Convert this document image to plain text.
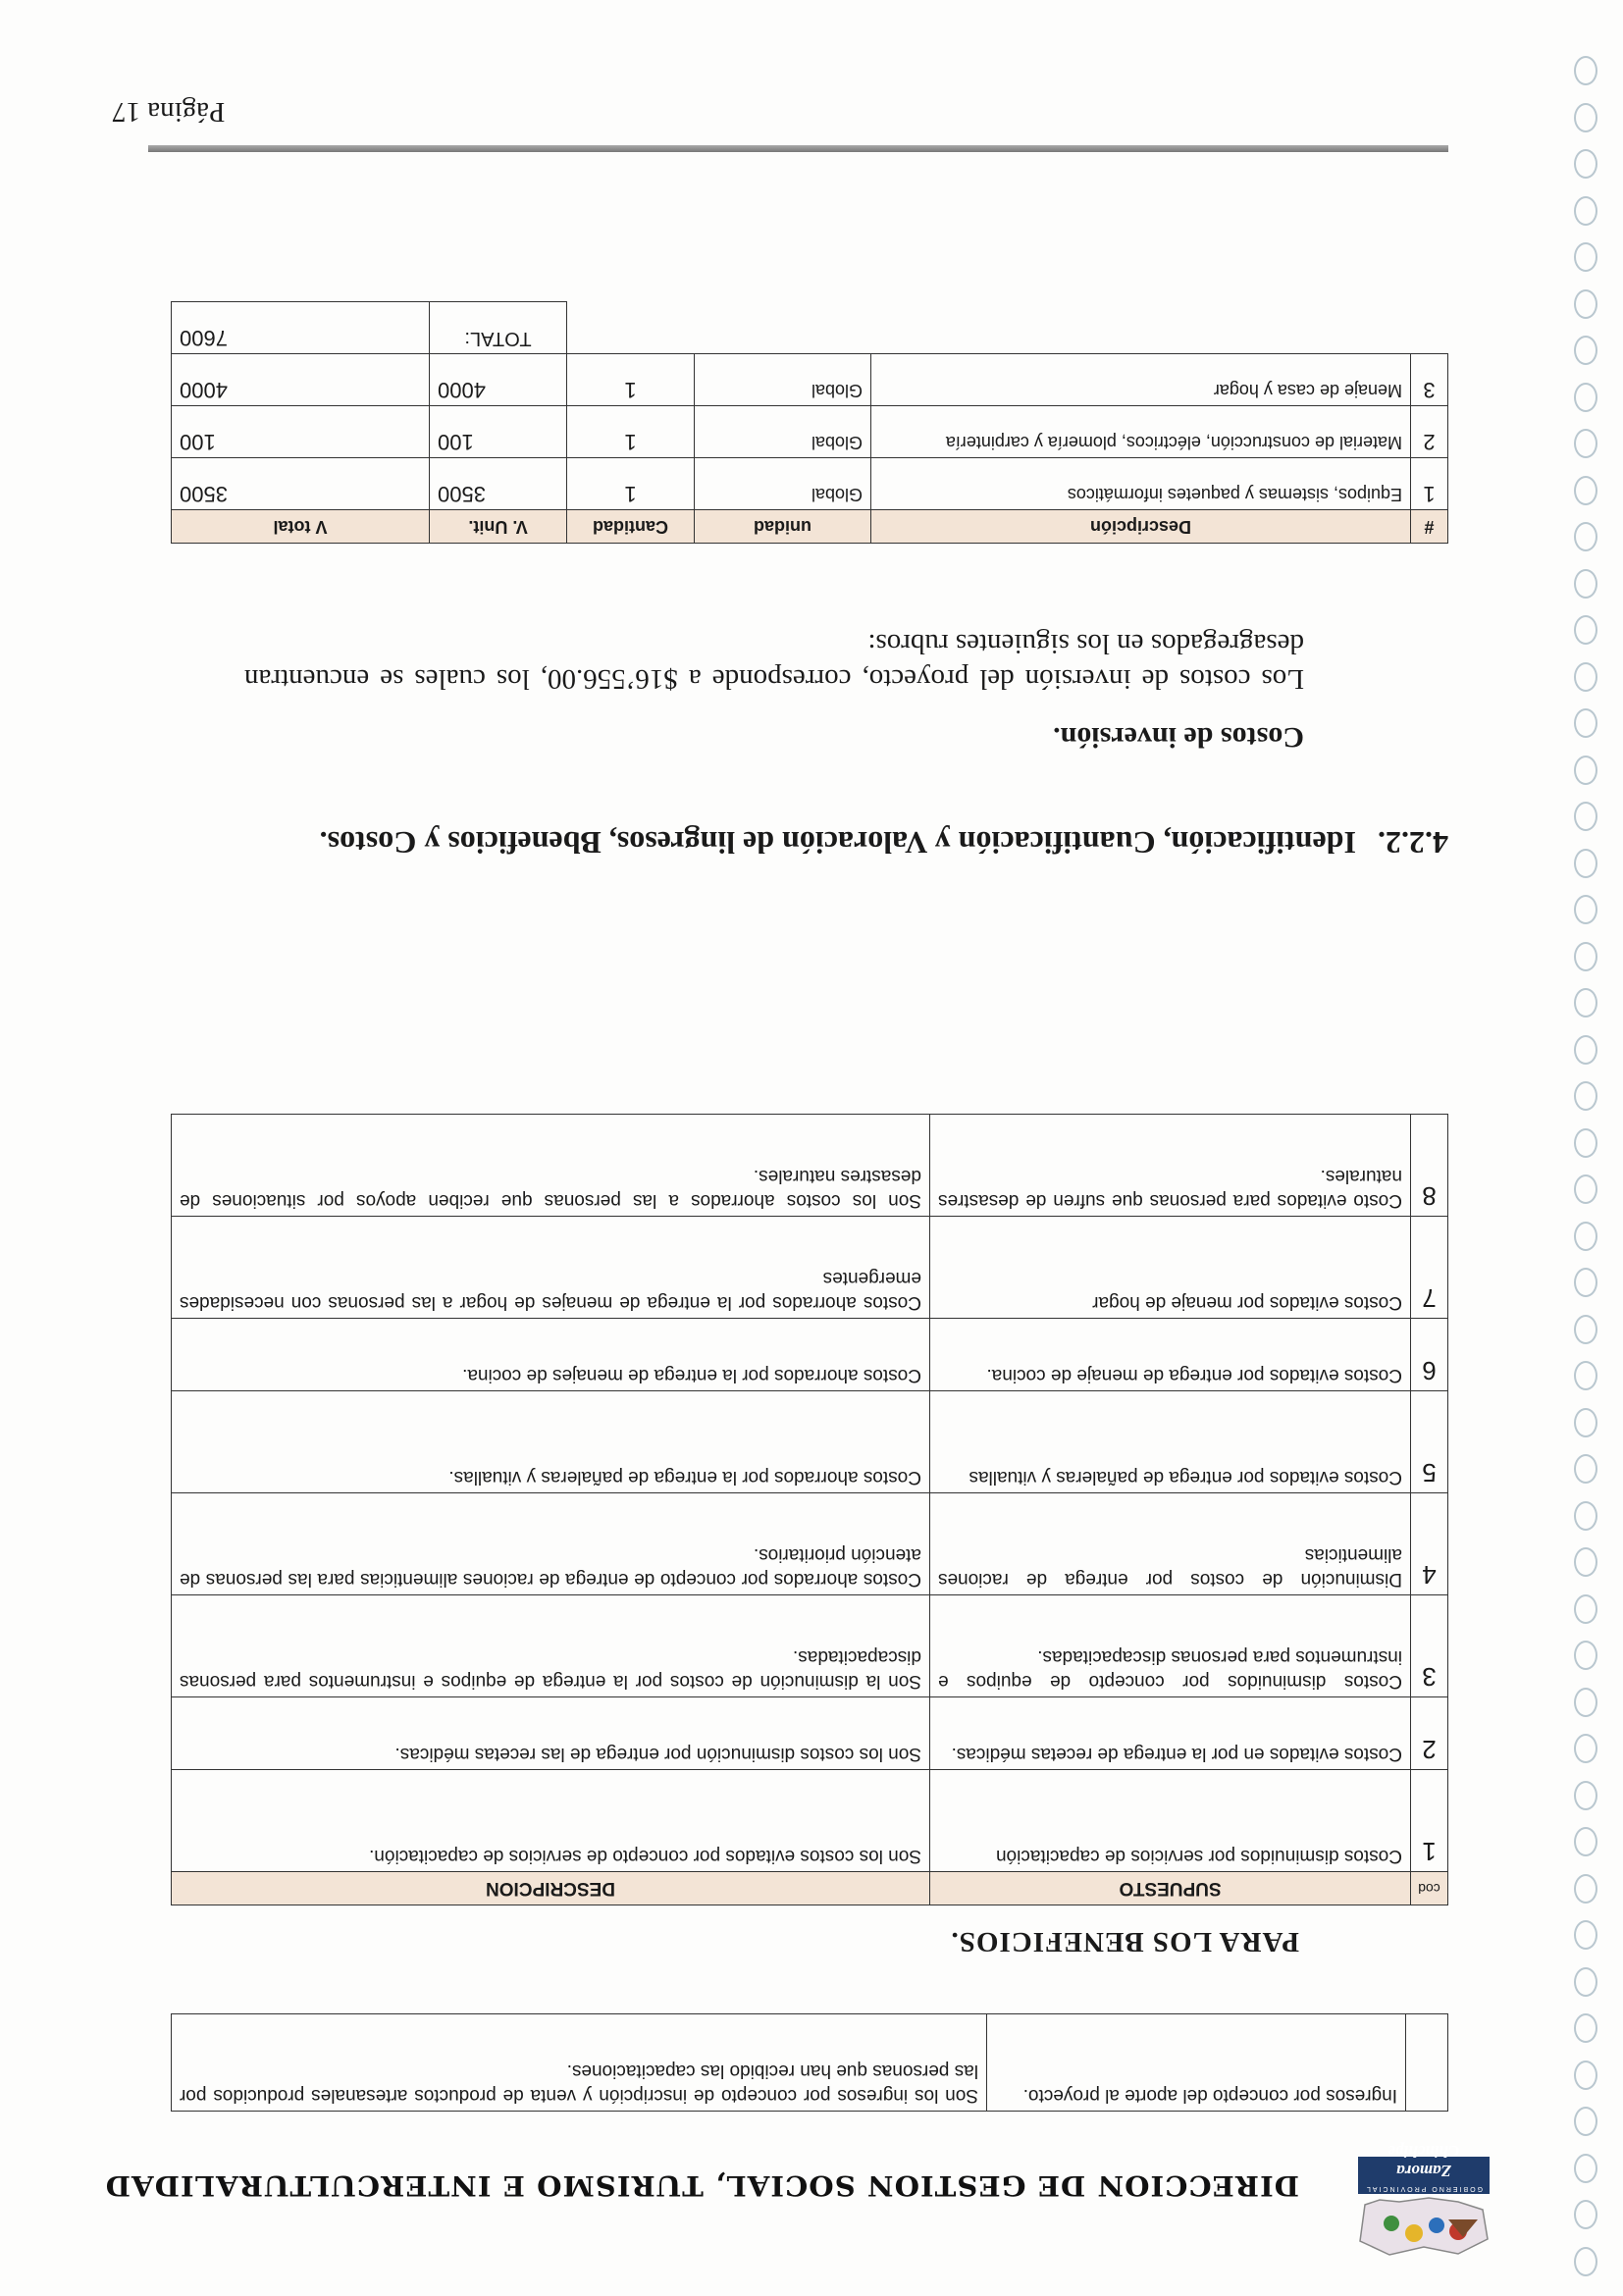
GOBIERNO PROVINCIAL
Zamora Chinchipe
DIRECCION DE GESTION SOCIAL, TURISMO E INTERCULTURALIDAD
	Ingresos por concepto del aporte al proyecto.	Son los ingresos por concepto de inscripción y venta de productos artesanales producidos por las personas que han recibido las capacitaciones.
PARA LOS BENEFICIOS.
cod	SUPUESTO	DESCRIPCION
1	Costos disminuidos por servicios de capacitación	Son los costos evitados por concepto de servicios de capacitación.
2	Costos evitados en por la entrega de recetas médicas.	Son los costos disminución por entrega de las recetas médicas.
3	Costos disminuidos por concepto de equipos e instrumentos para personas discapacitadas.	Son la disminución de costos por la entrega de equipos e instrumentos para personas discapacitadas.
4	Disminución de costos por entrega de raciones alimenticias	Costos ahorrados por concepto de entrega de raciones alimenticias para las personas de atención prioritarios.
5	Costos evitados por entrega de pañaleras y vituallas	Costos ahorrados por la entrega de pañaleras y vituallas.
6	Costos evitados por entrega de menaje de cocina.	Costos ahorrados por la entrega de menajes de cocina.
7	Costos evitados por menaje de hogar	Costos ahorrados por la entrega de menajes de hogar a las personas con necesidades emergentes
8	Costo evitados para personas que sufren de desastres naturales.	Son los costos ahorrados a las personas que reciben apoyos por situaciones de desastres naturales.
4.2.2.Identificación, Cuantificación y Valoración de lingresos, Bbeneficios y Costos.
Costos de inversión.
Los costos de inversión del proyecto, corresponde a $16’556.00, los cuales se encuentran desagregados en los siguientes rubros:
#	Descripción	unidad	Cantidad	V. Unit.	V total
1	Equipos, sistemas y paquetes informáticos	Global	1	3500	3500
2	Material de construcción, eléctricos, plomería y carpintería	Global	1	100	100
3	Menaje de casa y hogar	Global	1	4000	4000
				TOTAL:	7600
Página 17
